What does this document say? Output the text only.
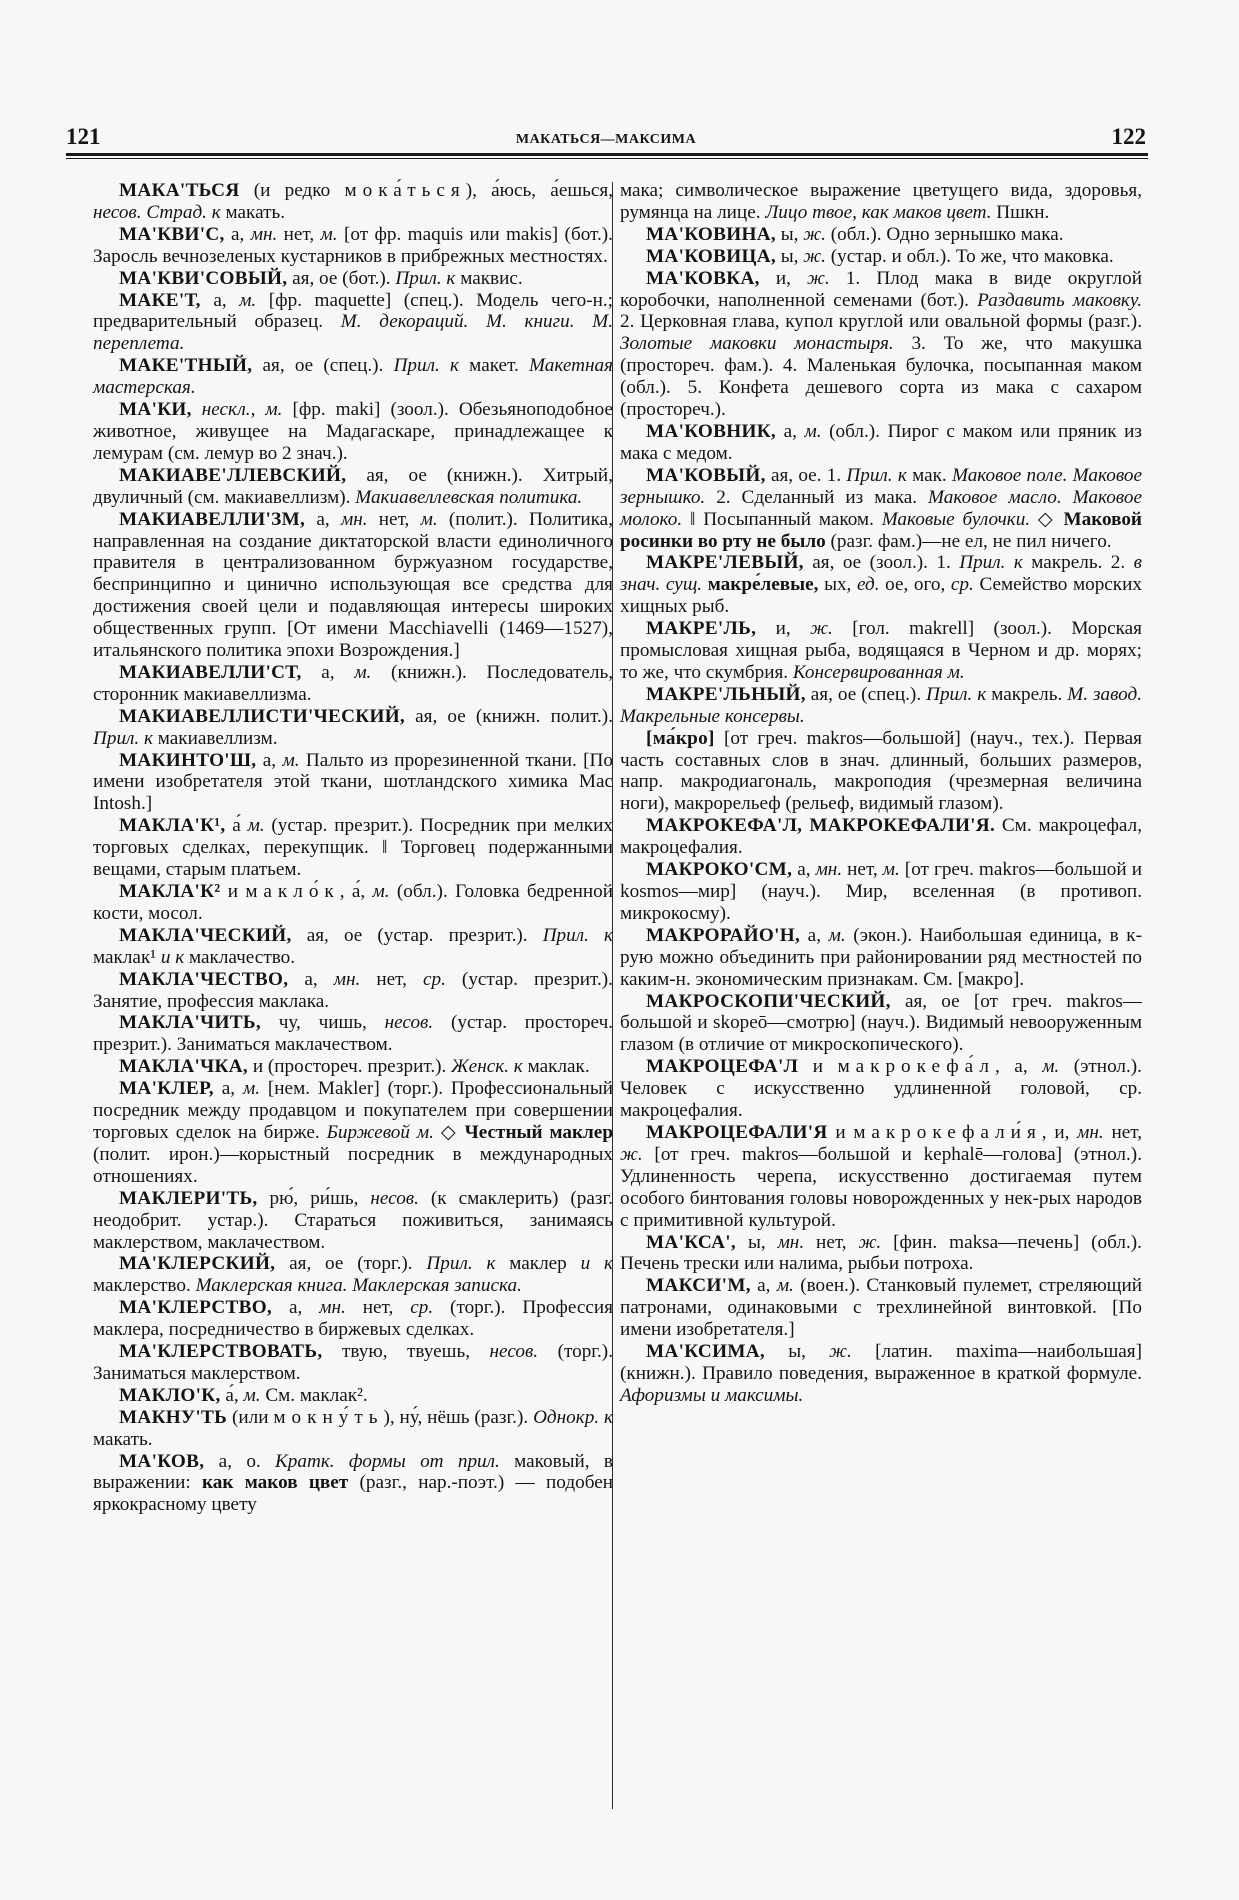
121	МАКАТЬСЯ—МАКСИМА	122

МАКА'ТЬСЯ (и редко мока́ться), а́юсь, а́ешься, несов. Страд. к макать.

МА'КВИ'С, а, мн. нет, м. [от фр. maquis или makis] (бот.). Заросль вечнозеленых кустарников в прибрежных местностях.

МА'КВИ'СОВЫЙ, ая, ое (бот.). Прил. к маквис.

МАКЕ'Т, а, м. [фр. maquette] (спец.). Модель чего-н.; предварительный образец. М. декораций. М. книги. М. переплета.

МАКЕ'ТНЫЙ, ая, ое (спец.). Прил. к макет. Макетная мастерская.

МА'КИ, нескл., м. [фр. maki] (зоол.). Обезьяноподобное животное, живущее на Мадагаскаре, принадлежащее к лемурам (см. лемур во 2 знач.).

МАКИАВЕ'ЛЛЕВСКИЙ, ая, ое (книжн.). Хитрый, двуличный (см. макиавеллизм). Макиавеллевская политика.

МАКИАВЕЛЛИ'ЗМ, а, мн. нет, м. (полит.). Политика, направленная на создание диктаторской власти единоличного правителя в централизованном буржуазном государстве, беспринципно и цинично использующая все средства для достижения своей цели и подавляющая интересы широких общественных групп. [От имени Macchiavelli (1469—1527), итальянского политика эпохи Возрождения.]

МАКИАВЕЛЛИ'СТ, а, м. (книжн.). Последователь, сторонник макиавеллизма.

МАКИАВЕЛЛИСТИ'ЧЕСКИЙ, ая, ое (книжн. полит.). Прил. к макиавеллизм.

МАКИНТО'Ш, а, м. Пальто из прорезиненной ткани. [По имени изобретателя этой ткани, шотландского химика Mac Intosh.]

МАКЛА'К¹, а́ м. (устар. презрит.). Посредник при мелких торговых сделках, перекупщик. ‖ Торговец подержанными вещами, старым платьем.

МАКЛА'К² и макло́к, а́, м. (обл.). Головка бедренной кости, мосол.

МАКЛА'ЧЕСКИЙ, ая, ое (устар. презрит.). Прил. к маклак¹ и к маклачество.

МАКЛА'ЧЕСТВО, а, мн. нет, ср. (устар. презрит.). Занятие, профессия маклака.

МАКЛА'ЧИТЬ, чу, чишь, несов. (устар. простореч. презрит.). Заниматься маклачеством.

МАКЛА'ЧКА, и (простореч. презрит.). Женск. к маклак.

МА'КЛЕР, а, м. [нем. Makler] (торг.). Профессиональный посредник между продавцом и покупателем при совершении торговых сделок на бирже. Биржевой м. ◇ Честный маклер (полит. ирон.)—корыстный посредник в международных отношениях.

МАКЛЕРИ'ТЬ, рю́, ри́шь, несов. (к смаклерить) (разг. неодобрит. устар.). Стараться поживиться, занимаясь маклерством, маклачеством.

МА'КЛЕРСКИЙ, ая, ое (торг.). Прил. к маклер и к маклерство. Маклерская книга. Маклерская записка.

МА'КЛЕРСТВО, а, мн. нет, ср. (торг.). Профессия маклера, посредничество в биржевых сделках.

МА'КЛЕРСТВОВАТЬ, твую, твуешь, несов. (торг.). Заниматься маклерством.

МАКЛО'К, а́, м. См. маклак².

МАКНУ'ТЬ (или мокну́ть), ну́, нёшь (разг.). Однокр. к макать.

МА'КОВ, а, о. Кратк. формы от прил. маковый, в выражении: как маков цвет (разг., нар.-поэт.) — подобен яркокрасному цвету

мака; символическое выражение цветущего вида, здоровья, румянца на лице. Лицо твое, как маков цвет. Пшкн.

МА'КОВИНА, ы, ж. (обл.). Одно зернышко мака.

МА'КОВИЦА, ы, ж. (устар. и обл.). То же, что маковка.

МА'КОВКА, и, ж. 1. Плод мака в виде округлой коробочки, наполненной семенами (бот.). Раздавить маковку. 2. Церковная глава, купол круглой или овальной формы (разг.). Золотые маковки монастыря. 3. То же, что макушка (простореч. фам.). 4. Маленькая булочка, посыпанная маком (обл.). 5. Конфета дешевого сорта из мака с сахаром (простореч.).

МА'КОВНИК, а, м. (обл.). Пирог с маком или пряник из мака с медом.

МА'КОВЫЙ, ая, ое. 1. Прил. к мак. Маковое поле. Маковое зернышко. 2. Сделанный из мака. Маковое масло. Маковое молоко. ‖ Посыпанный маком. Маковые булочки. ◇ Маковой росинки во рту не было (разг. фам.)—не ел, не пил ничего.

МАКРЕ'ЛЕВЫЙ, ая, ое (зоол.). 1. Прил. к макрель. 2. в знач. сущ. макре́левые, ых, ед. ое, ого, ср. Семейство морских хищных рыб.

МАКРЕ'ЛЬ, и, ж. [гол. makrell] (зоол.). Морская промысловая хищная рыба, водящаяся в Черном и др. морях; то же, что скумбрия. Консервированная м.

МАКРЕ'ЛЬНЫЙ, ая, ое (спец.). Прил. к макрель. М. завод. Макрельные консервы.

[ма́кро] [от греч. makros—большой] (науч., тех.). Первая часть составных слов в знач. длинный, больших размеров, напр. макродиагональ, макроподия (чрезмерная величина ноги), макрорельеф (рельеф, видимый глазом).

МАКРОКЕФА'Л, МАКРОКЕФАЛИ'Я. См. макроцефал, макроцефалия.

МАКРОКО'СМ, а, мн. нет, м. [от греч. makros—большой и kosmos—мир] (науч.). Мир, вселенная (в противоп. микрокосму).

МАКРОРАЙО'Н, а, м. (экон.). Наибольшая единица, в к-рую можно объединить при районировании ряд местностей по каким-н. экономическим признакам. См. [макро].

МАКРОСКОПИ'ЧЕСКИЙ, ая, ое [от греч. makros—большой и skopeō—смотрю] (науч.). Видимый невооруженным глазом (в отличие от микроскопического).

МАКРОЦЕФА'Л и макрокефа́л, а, м. (этнол.). Человек с искусственно удлиненной головой, ср. макроцефалия.

МАКРОЦЕФАЛИ'Я и макрокефали́я, и, мн. нет, ж. [от греч. makros—большой и kephalē—голова] (этнол.). Удлиненность черепа, искусственно достигаемая путем особого бинтования головы новорожденных у нек-рых народов с примитивной культурой.

МА'КСА', ы, мн. нет, ж. [фин. maksa—печень] (обл.). Печень трески или налима, рыбьи потроха.

МАКСИ'М, а, м. (воен.). Станковый пулемет, стреляющий патронами, одинаковыми с трехлинейной винтовкой. [По имени изобретателя.]

МА'КСИМА, ы, ж. [латин. maxima—наибольшая] (книжн.). Правило поведения, выраженное в краткой формуле. Афоризмы и максимы.
